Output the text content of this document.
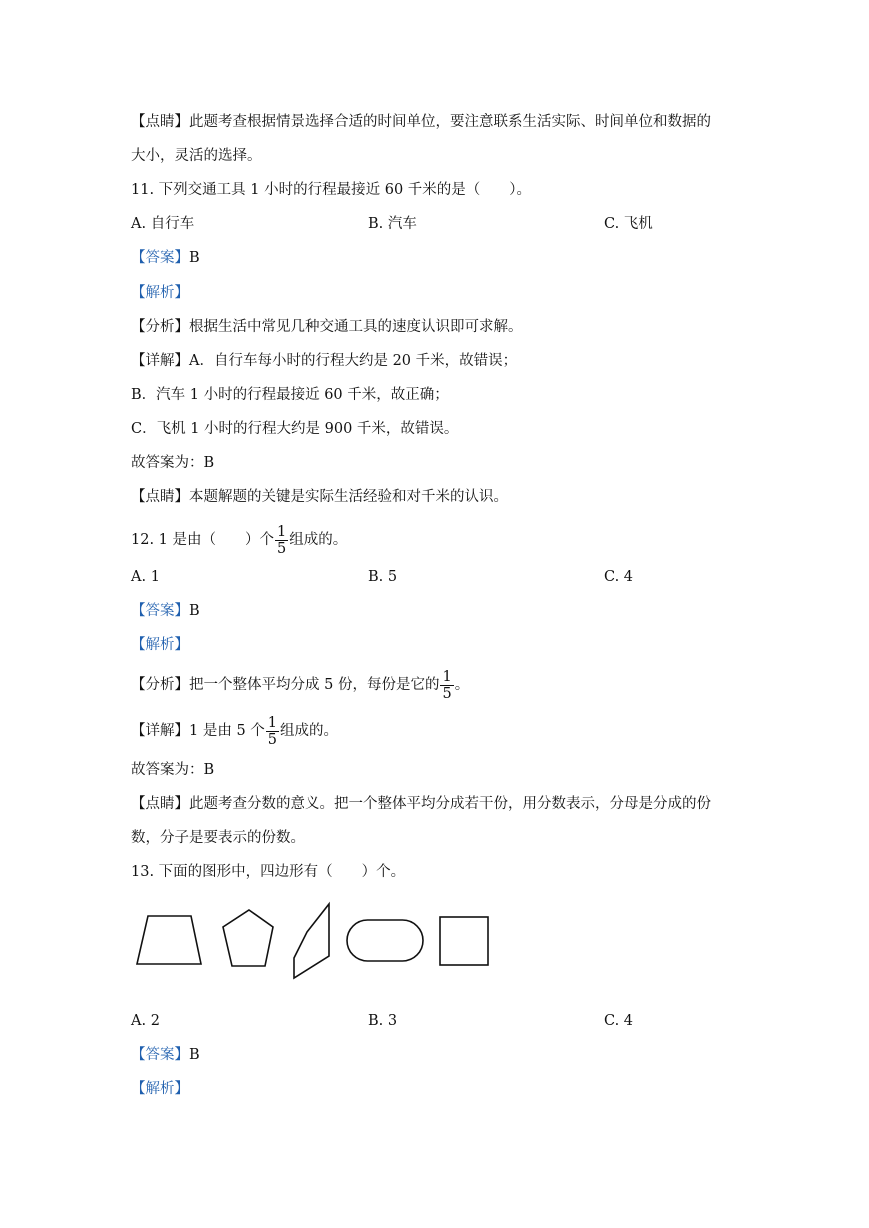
【点睛】此题考查根据情景选择合适的时间单位，要注意联系生活实际、时间单位和数据的
大小，灵活的选择。
11. 下列交通工具 1 小时的行程最接近 60 千米的是（　　）。
A. 自行车	B. 汽车	C. 飞机
【答案】B
【解析】
【分析】根据生活中常见几种交通工具的速度认识即可求解。
【详解】A．自行车每小时的行程大约是 20 千米，故错误；
B．汽车 1 小时的行程最接近 60 千米，故正确；
C．飞机 1 小时的行程大约是 900 千米，故错误。
故答案为：B
【点睛】本题解题的关键是实际生活经验和对千米的认识。
12. 1 是由（　　）个 $\frac{1}{5}$ 组成的。
A. 1	B. 5	C. 4
【答案】B
【解析】
【分析】把一个整体平均分成 5 份，每份是它的 $\frac{1}{5}$ 。
【详解】1 是由 5 个 $\frac{1}{5}$ 组成的。
故答案为：B
【点睛】此题考查分数的意义。把一个整体平均分成若干份，用分数表示，分母是分成的份
数，分子是要表示的份数。
13. 下面的图形中，四边形有（　　）个。
A. 2	B. 3	C. 4
【答案】B
【解析】
